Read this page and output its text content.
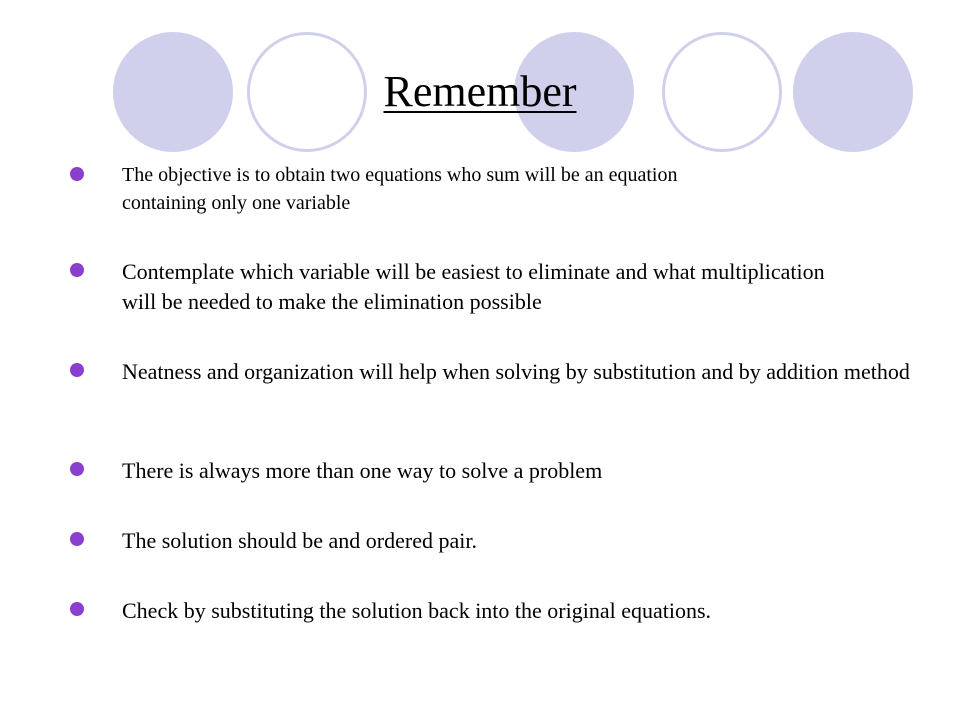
Remember
The objective is to obtain two equations who sum will be an equation containing only one variable
Contemplate which variable will be easiest to eliminate and what multiplication will be needed to make the elimination possible
Neatness and organization will help when solving by substitution and by addition method
There is always more than one way to solve a problem
The solution should be and ordered pair.
Check by substituting the solution back into the original equations.
